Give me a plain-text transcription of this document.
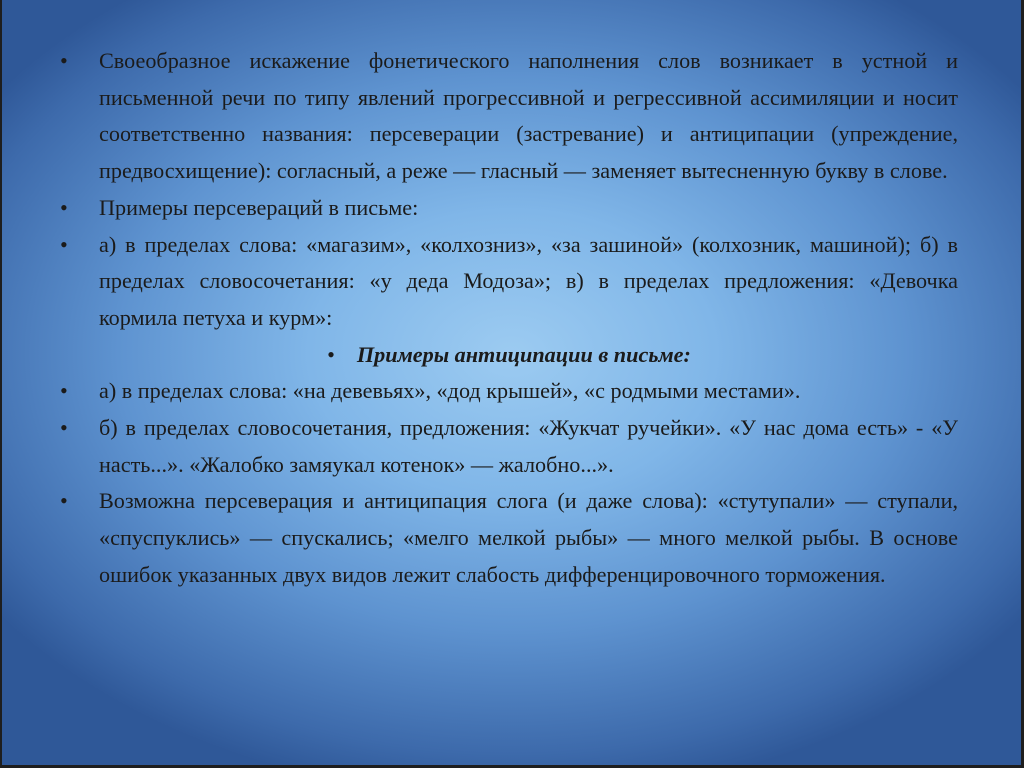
• Своеобразное искажение фонетического наполнения слов возникает в устной и письменной речи по типу явлений прогрессивной и регрессивной ассимиляции и носит соответственно названия: персеверации (застревание) и антиципации (упреждение, предвосхищение): согласный, а реже — гласный — заменяет вытесненную букву в слове.
• Примеры персевераций в письме:
• а) в пределах слова: «магазим», «колхозниз», «за зашиной» (колхозник, машиной); б) в пределах словосочетания: «у деда Модоза»; в) в пределах предложения: «Девочка кормила петуха и курм»:
• Примеры антиципации в письме:
• а) в пределах слова: «на девевьях», «дод крышей», «с родмыми местами».
• б) в пределах словосочетания, предложения: «Жукчат ручейки». «У нас дома есть» - «У насть...». «Жалобко замяукал котенок» — жалобно...».
• Возможна персеверация и антиципация слога (и даже слова): «стутупали» — ступали, «спуспуклись» — спускались; «мелго мелкой рыбы» — много мелкой рыбы. В основе ошибок указанных двух видов лежит слабость дифференцировочного торможения.
